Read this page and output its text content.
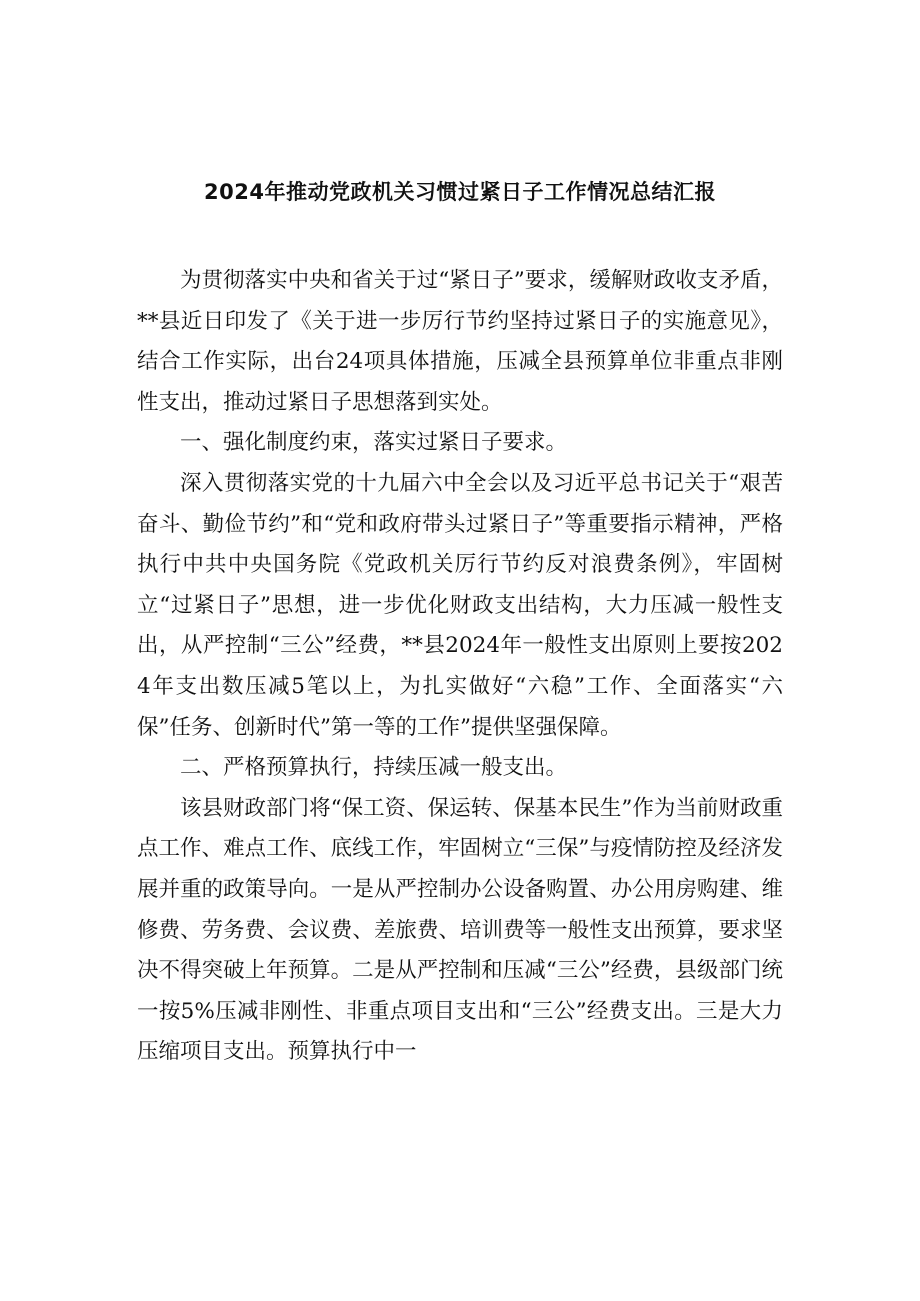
2024年推动党政机关习惯过紧日子工作情况总结汇报

为贯彻落实中央和省关于过“紧日子”要求，缓解财政收支矛盾，**县近日印发了《关于进一步厉行节约坚持过紧日子的实施意见》，结合工作实际，出台24项具体措施，压减全县预算单位非重点非刚性支出，推动过紧日子思想落到实处。

一、强化制度约束，落实过紧日子要求。

深入贯彻落实党的十九届六中全会以及习近平总书记关于“艰苦奋斗、勤俭节约”和“党和政府带头过紧日子”等重要指示精神，严格执行中共中央国务院《党政机关厉行节约反对浪费条例》，牢固树立“过紧日子”思想，进一步优化财政支出结构，大力压减一般性支出，从严控制“三公”经费，**县2024年一般性支出原则上要按2024年支出数压减5笔以上，为扎实做好“六稳”工作、全面落实“六保”任务、创新时代”第一等的工作”提供坚强保障。

二、严格预算执行，持续压减一般支出。

该县财政部门将“保工资、保运转、保基本民生”作为当前财政重点工作、难点工作、底线工作，牢固树立“三保”与疫情防控及经济发展并重的政策导向。一是从严控制办公设备购置、办公用房购建、维修费、劳务费、会议费、差旅费、培训费等一般性支出预算，要求坚决不得突破上年预算。二是从严控制和压减“三公”经费，县级部门统一按5%压减非刚性、非重点项目支出和“三公”经费支出。三是大力压缩项目支出。预算执行中一
